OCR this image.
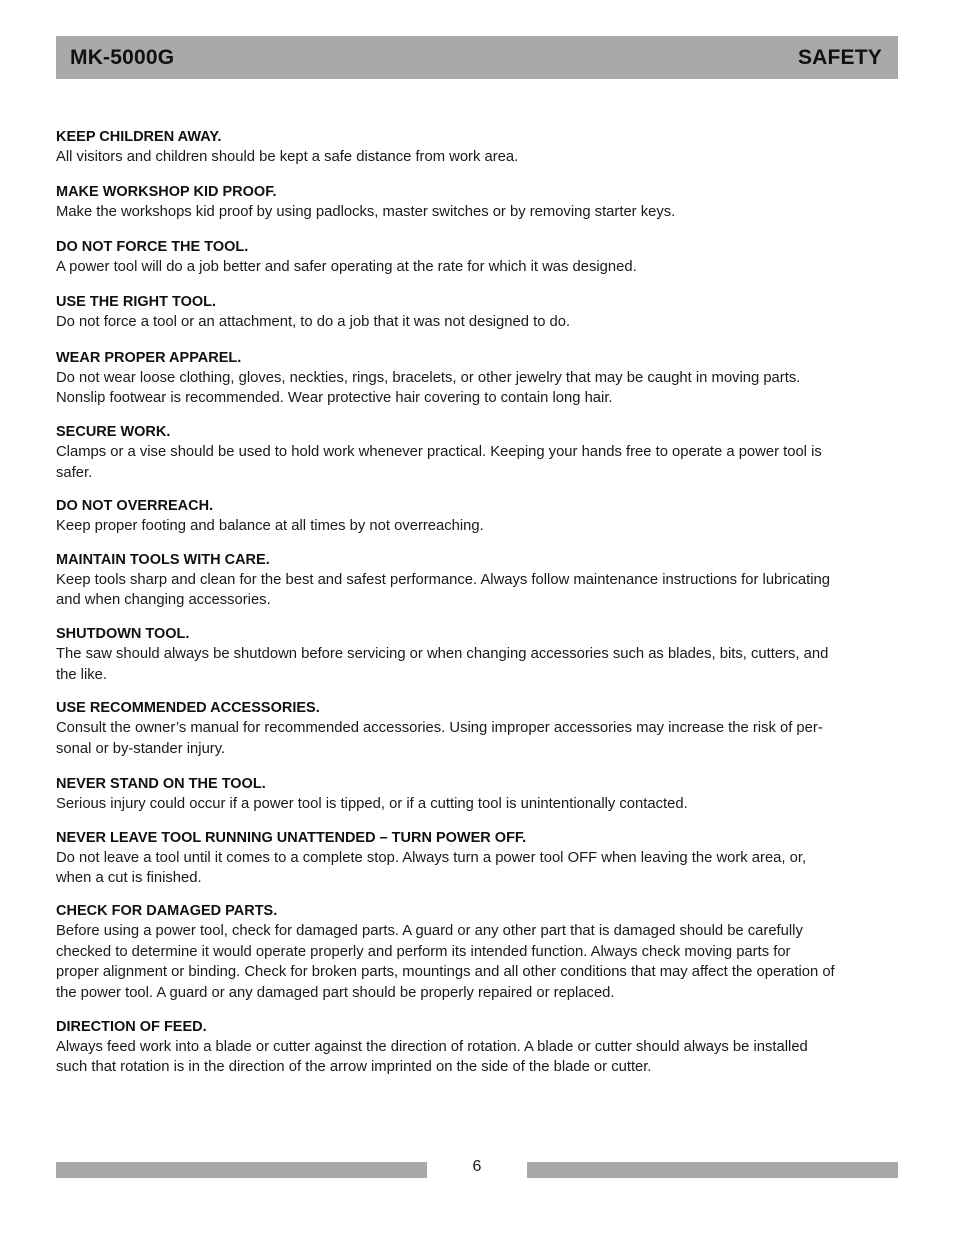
MK-5000G	SAFETY
KEEP CHILDREN AWAY.
All visitors and children should be kept a safe distance from work area.
MAKE WORKSHOP KID PROOF.
Make the workshops kid proof by using padlocks, master switches or by removing starter keys.
DO NOT FORCE THE TOOL.
A power tool will do a job better and safer operating at the rate for which it was designed.
USE THE RIGHT TOOL.
Do not force a tool or an attachment, to do a job that it was not designed to do.
WEAR PROPER APPAREL.
Do not wear loose clothing, gloves, neckties, rings, bracelets, or other jewelry that may be caught in moving parts.
Nonslip footwear is recommended. Wear protective hair covering to contain long hair.
SECURE WORK.
Clamps or a vise should be used to hold work whenever practical. Keeping your hands free to operate a power tool is
safer.
DO NOT OVERREACH.
Keep proper footing and balance at all times by not overreaching.
MAINTAIN TOOLS WITH CARE.
Keep tools sharp and clean for the best and safest performance. Always follow maintenance instructions for lubricating
and when changing accessories.
SHUTDOWN TOOL.
The saw should always be shutdown before servicing or when changing accessories such as blades, bits, cutters, and
the like.
USE RECOMMENDED ACCESSORIES.
Consult the owner’s manual for recommended accessories. Using improper accessories may increase the risk of per-
sonal or by-stander injury.
NEVER STAND ON THE TOOL.
Serious injury could occur if a power tool is tipped, or if a cutting tool is unintentionally contacted.
NEVER LEAVE TOOL RUNNING UNATTENDED – TURN POWER OFF.
Do not leave a tool until it comes to a complete stop. Always turn a power tool OFF when leaving the work area, or,
when a cut is finished.
CHECK FOR DAMAGED PARTS.
Before using a power tool, check for damaged parts. A guard or any other part that is damaged should be carefully
checked to determine it would operate properly and perform its intended function. Always check moving parts for
proper alignment or binding. Check for broken parts, mountings and all other conditions that may affect the operation of
the power tool. A guard or any damaged part should be properly repaired or replaced.
DIRECTION OF FEED.
Always feed work into a blade or cutter against the direction of rotation. A blade or cutter should always be installed
such that rotation is in the direction of the arrow imprinted on the side of the blade or cutter.
6
